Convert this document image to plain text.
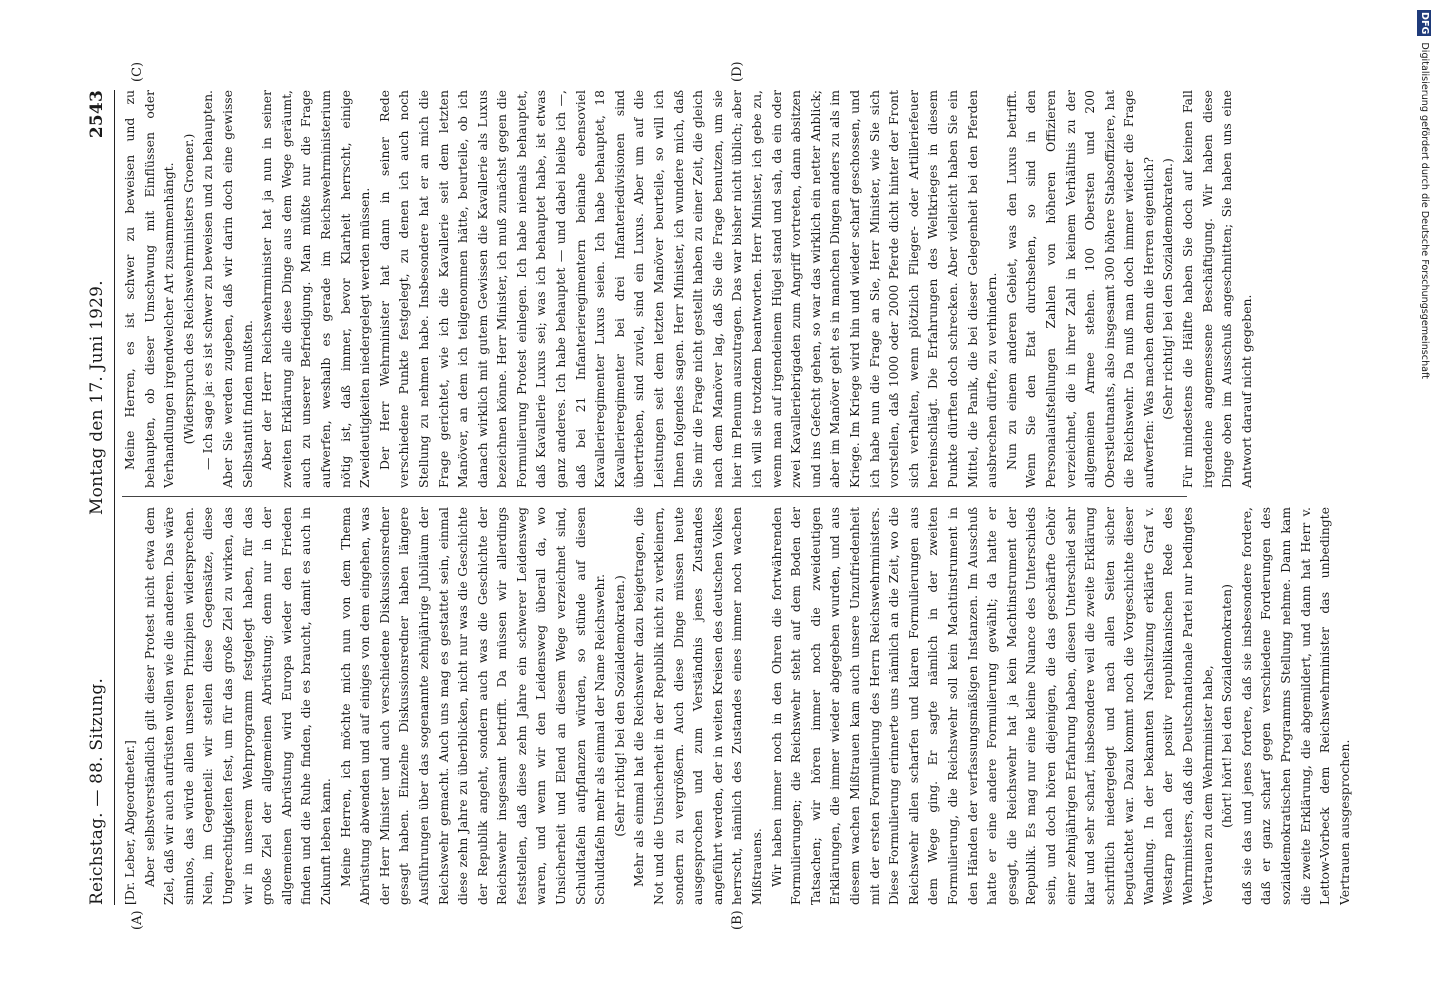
Reichstag. — 88. Sitzung.
Montag den 17. Juni 1929.
2543
(A)	(B)
(C)	(D)

[Dr. Leber, Abgeordneter.] Aber selbstverständlich gilt dieser Protest nicht etwa dem Ziel, daß wir auch aufrüsten wollen wie die anderen. Das wäre sinnlos, das würde allen unseren Prinzipien widersprechen. Nein, im Gegenteil: wir stellen diese Gegensätze, diese Ungerechtigkeiten fest, um für das große Ziel zu wirken, das wir in unserem Wehrprogramm festgelegt haben, für das große Ziel der allgemeinen Abrüstung; denn nur in der allgemeinen Abrüstung wird Europa wieder den Frieden finden und die Ruhe finden, die es braucht, damit es auch in Zukunft leben kann. Meine Herren, ich möchte mich nun von dem Thema Abrüstung abwenden und auf einiges von dem eingehen, was der Herr Minister und auch verschiedene Diskussionsredner gesagt haben. Einzelne Diskussionsredner haben längere Ausführungen über das sogenannte zehnjährige Jubiläum der Reichswehr gemacht. Auch uns mag es gestattet sein, einmal diese zehn Jahre zu überblicken, nicht nur was die Geschichte der Republik angeht, sondern auch was die Geschichte der Reichswehr insgesamt betrifft. Da müssen wir allerdings feststellen, daß diese zehn Jahre ein schwerer Leidensweg waren, und wenn wir den Leidensweg überall da, wo Unsicherheit und Elend an diesem Wege verzeichnet sind, Schuldtafeln aufpflanzen würden, so stünde auf diesen Schuldtafeln mehr als einmal der Name Reichswehr. (Sehr richtig! bei den Sozialdemokraten.) Mehr als einmal hat die Reichswehr dazu beigetragen, die Not und die Unsicherheit in der Republik nicht zu verkleinern, sondern zu vergrößern. Auch diese Dinge müssen heute ausgesprochen und zum Verständnis jenes Zustandes angeführt werden, der in weiten Kreisen des deutschen Volkes herrscht, nämlich des Zustandes eines immer noch wachen Mißtrauens. Wir haben immer noch in den Ohren die fortwährenden Formulierungen; die Reichswehr steht auf dem Boden der Tatsachen; wir hören immer noch die zweideutigen Erklärungen, die immer wieder abgegeben wurden, und aus diesem wachen Mißtrauen kam auch unsere Unzufriedenheit mit der ersten Formulierung des Herrn Reichswehrministers. Diese Formulierung erinnerte uns nämlich an die Zeit, wo die Reichswehr allen scharfen und klaren Formulierungen aus dem Wege ging. Er sagte nämlich in der zweiten Formulierung, die Reichswehr soll kein Machtinstrument in den Händen der verfassungsmäßigen Instanzen. Im Ausschuß hatte er eine andere Formulierung gewählt; da hatte er gesagt, die Reichswehr hat ja kein Machtinstrument der Republik. Es mag nur eine kleine Nuance des Unterschieds sein, und doch hören diejenigen, die das geschärfte Gehör einer zehnjährigen Erfahrung haben, diesen Unterschied sehr klar und sehr scharf, insbesondere weil die zweite Erklärung schriftlich niedergelegt und nach allen Seiten sicher begutachtet war. Dazu kommt noch die Vorgeschichte dieser Wandlung. In der bekannten Nachsitzung erklärte Graf v. Westarp nach der positiv republikanischen Rede des Wehrministers, daß die Deutschnationale Partei nur bedingtes Vertrauen zu dem Wehrminister habe, (hört! hört! bei den Sozialdemokraten) daß sie das und jenes fordere, daß sie insbesondere fordere, daß er ganz scharf gegen verschiedene Forderungen des sozialdemokratischen Programms Stellung nehme. Dann kam die zweite Erklärung, die abgemildert, und dann hat Herr v. Lettow-Vorbeck dem Reichswehrminister das unbedingte Vertrauen ausgesprochen.

Meine Herren, es ist schwer zu beweisen und zu behaupten, ob dieser Umschwung mit Einflüssen oder Verhandlungen irgendwelcher Art zusammenhängt. (Widerspruch des Reichswehrministers Groener.) — Ich sage ja: es ist schwer zu beweisen und zu behaupten. Aber Sie werden zugeben, daß wir darin doch eine gewisse Selbstantit finden mußten. Aber der Herr Reichswehrminister hat ja nun in seiner zweiten Erklärung alle diese Dinge aus dem Wege geräumt, auch zu unserer Befriedigung. Man müßte nur die Frage aufwerfen, weshalb es gerade im Reichswehrministerium nötig ist, daß immer, bevor Klarheit herrscht, einige Zweideutigkeiten niedergelegt werden müssen. Der Herr Wehrminister hat dann in seiner Rede verschiedene Punkte festgelegt, zu denen ich auch noch Stellung zu nehmen habe. Insbesondere hat er an mich die Frage gerichtet, wie ich die Kavallerie seit dem letzten Manöver, an dem ich teilgenommen hätte, beurteile, ob ich danach wirklich mit gutem Gewissen die Kavallerie als Luxus bezeichnen könne. Herr Minister, ich muß zunächst gegen die Formulierung Protest einlegen. Ich habe niemals behauptet, daß Kavallerie Luxus sei; was ich behauptet habe, ist etwas ganz anderes. Ich habe behauptet — und dabei bleibe ich —, daß bei 21 Infanterieregimentern beinahe ebensoviel Kavallerieregimenter Luxus seien. Ich habe behauptet, 18 Kavallerieregimenter bei drei Infanteriedivisionen sind übertrieben, sind zuviel, sind ein Luxus. Aber um auf die Leistungen seit dem letzten Manöver beurteile, so will ich Ihnen folgendes sagen. Herr Minister, ich wundere mich, daß Sie mir die Frage nicht gestellt haben zu einer Zeit, die gleich nach dem Manöver lag, daß Sie die Frage benutzen, um sie hier im Plenum auszutragen. Das war bisher nicht üblich; aber ich will sie trotzdem beantworten. Herr Minister, ich gebe zu, wenn man auf irgendeinem Hügel stand und sah, da ein oder zwei Kavalleriebrigaden zum Angriff vortreten, dann absitzen und ins Gefecht gehen, so war das wirklich ein netter Anblick; aber im Manöver geht es in manchen Dingen anders zu als im Kriege. Im Kriege wird hin und wieder scharf geschossen, und ich habe nun die Frage an Sie, Herr Minister, wie Sie sich vorstellen, daß 1000 oder 2000 Pferde dicht hinter der Front sich verhalten, wenn plötzlich Flieger- oder Artilleriefeuer hereinschlägt. Die Erfahrungen des Weltkrieges in diesem Punkte dürften doch schrecken. Aber vielleicht haben Sie ein Mittel, die Panik, die bei dieser Gelegenheit bei den Pferden ausbrechen dürfte, zu verhindern. Nun zu einem anderen Gebiet, was den Luxus betrifft. Wenn Sie den Etat durchsehen, so sind in den Personalaufstellungen Zahlen von höheren Offizieren verzeichnet, die in ihrer Zahl in keinem Verhältnis zu der allgemeinen Armee stehen. 100 Obersten und 200 Oberstleutnants, also insgesamt 300 höhere Stabsoffiziere, hat die Reichswehr. Da muß man doch immer wieder die Frage aufwerfen: Was machen denn die Herren eigentlich? (Sehr richtig! bei den Sozialdemokraten.) Für mindestens die Hälfte haben Sie doch auf keinen Fall irgendeine angemessene Beschäftigung. Wir haben diese Dinge oben im Ausschuß angeschnitten; Sie haben uns eine Antwort darauf nicht gegeben.

DFGDigitalisierung gefördert durch die Deutsche Forschungsgemeinschaft
